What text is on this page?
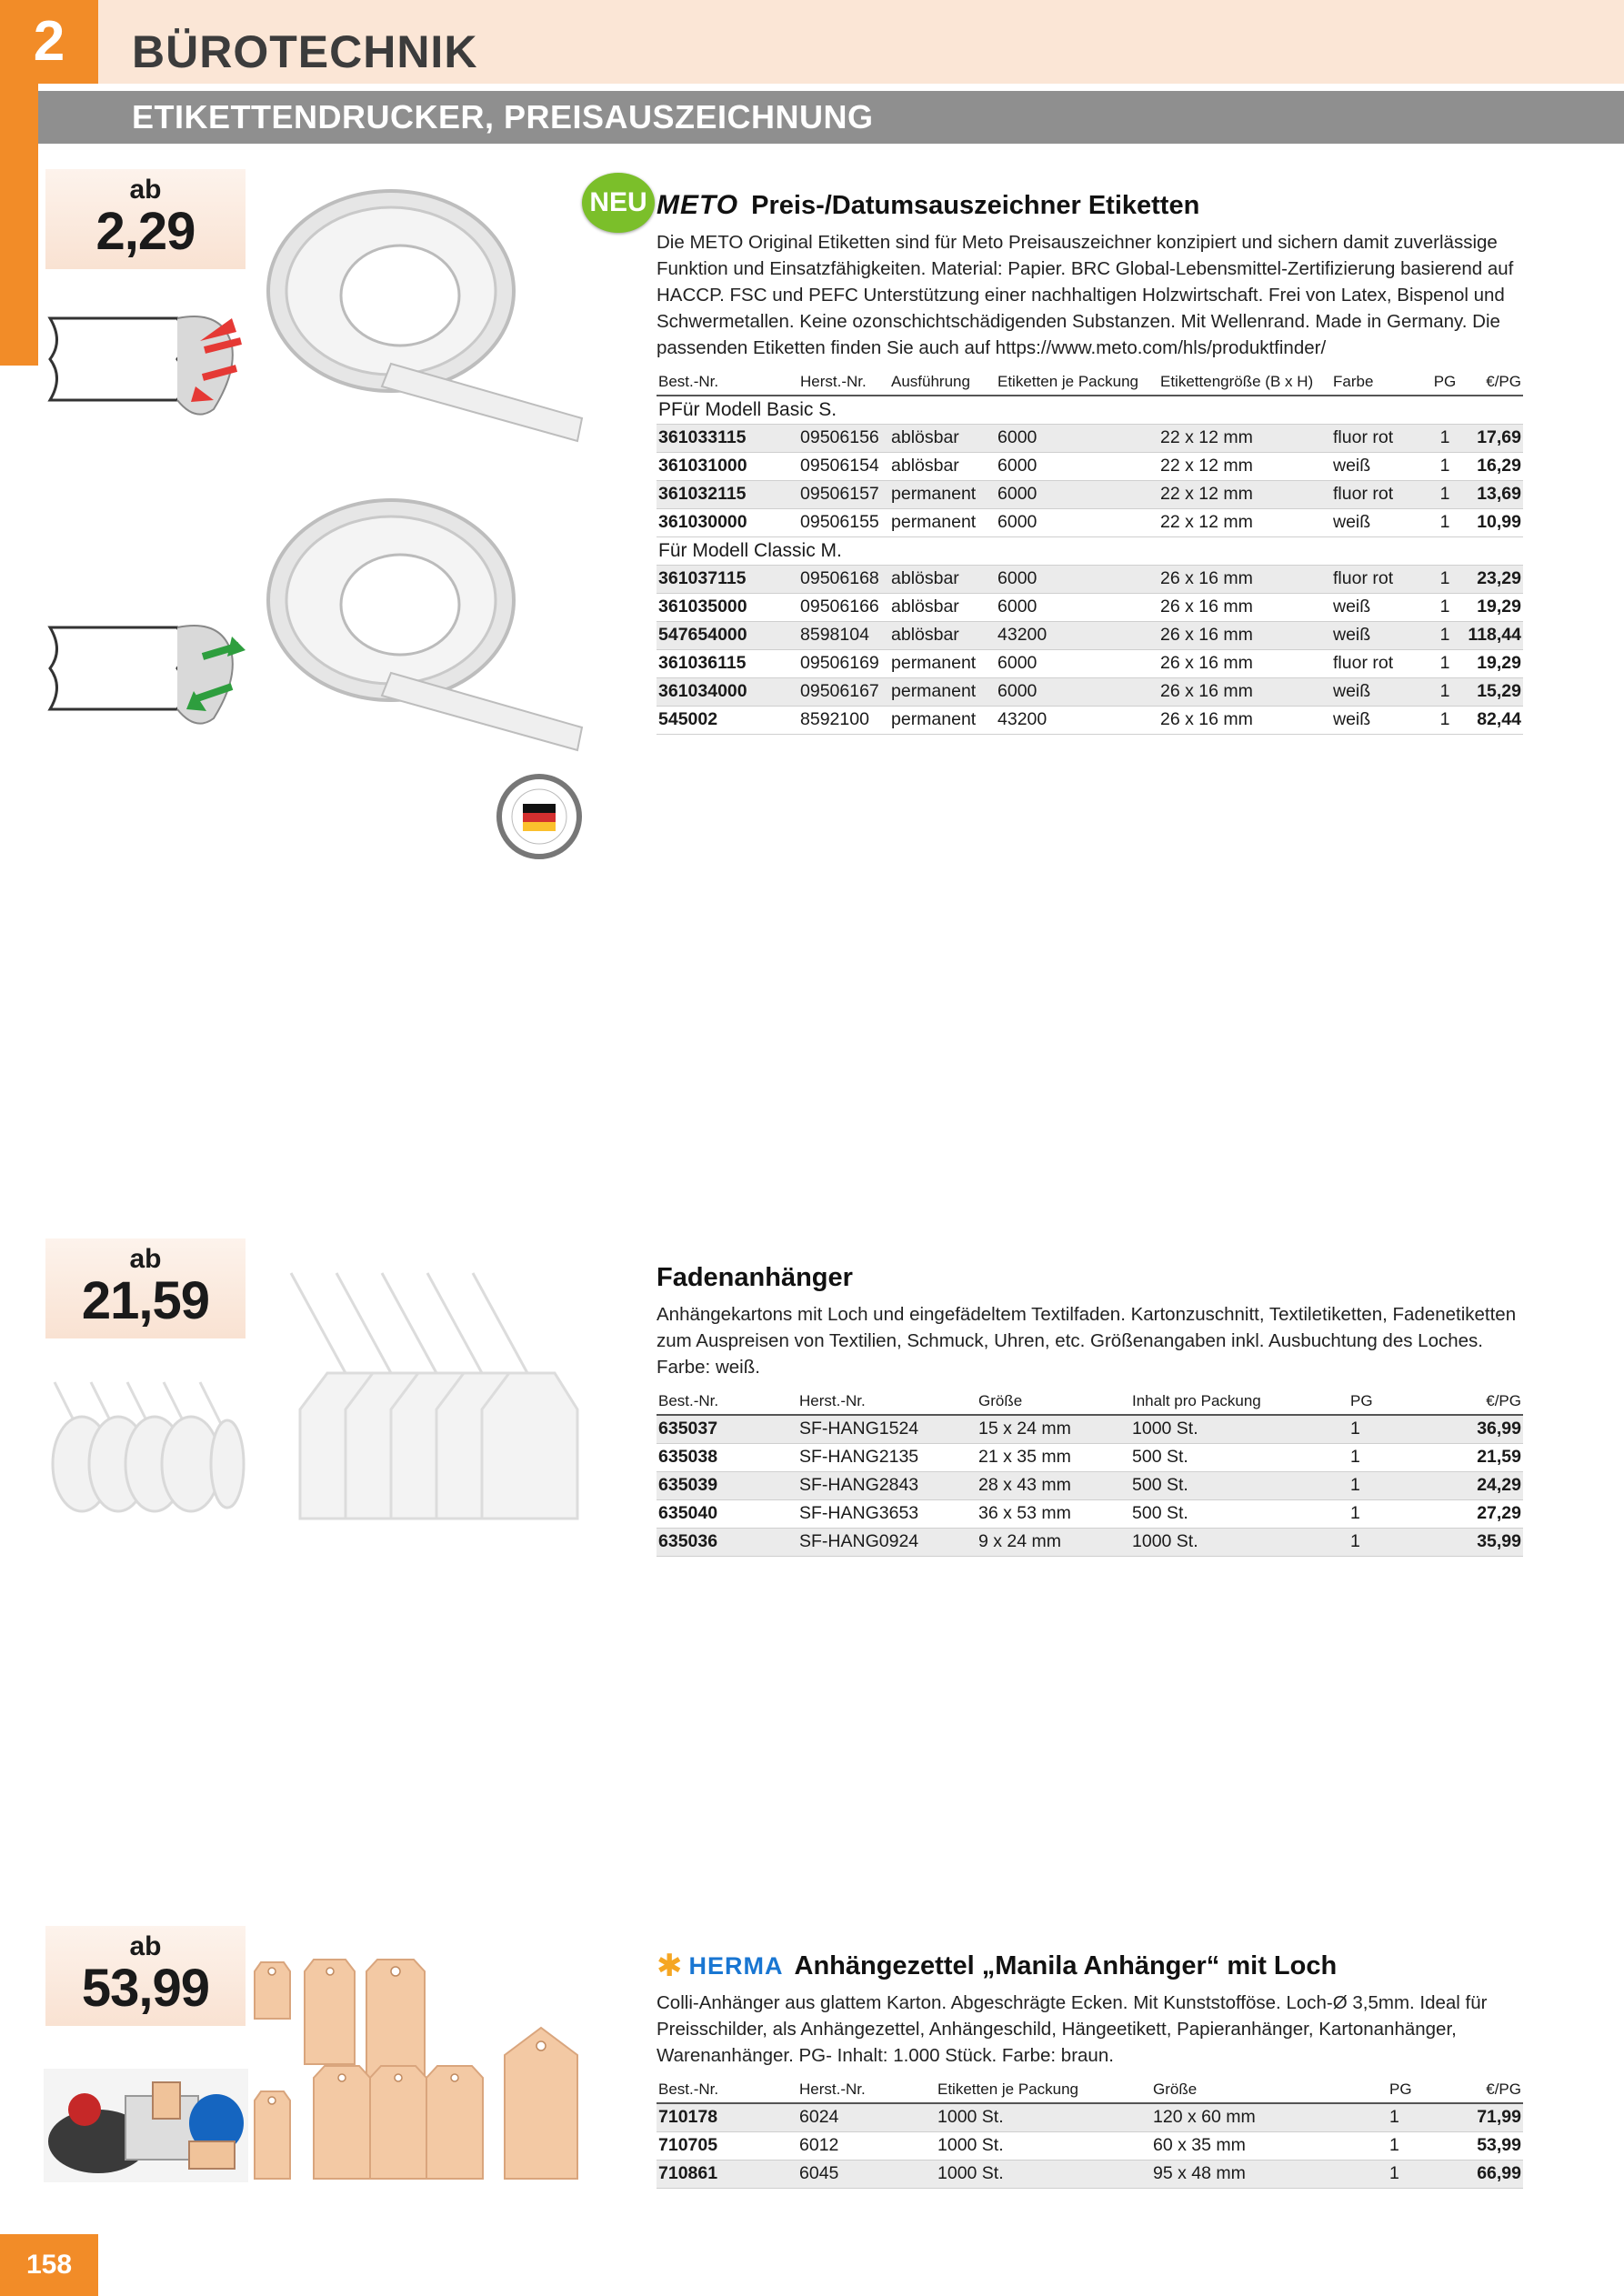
2	BÜROTECHNIK
ETIKETTENDRUCKER, PREISAUSZEICHNUNG
ab
2,29	NEU METO Preis-/Datumsauszeichner Etiketten
Die METO Original Etiketten sind für Meto Preisauszeichner konzipiert und sichern damit zuverlässige Funktion und Einsatzfähigkeiten. Material: Papier. BRC Global-Lebensmittel-Zertifizierung basierend auf HACCP. FSC und PEFC Unterstützung einer nachhaltigen Holzwirtschaft. Frei von Latex, Bispenol und Schwermetallen. Keine ozonschichtschädigenden Substanzen. Mit Wellenrand. Made in Germany. Die passenden Etiketten finden Sie auch auf https://www.meto.com/hls/produktfinder/
Best.-Nr.	Herst.-Nr.	Ausführung	Etiketten je Packung	Etikettengröße (B x H)	Farbe	PG	€/PG
PFür Modell Basic S.							
361033115	09506156	ablösbar	6000	22 x 12 mm	fluor rot	1	17,69
361031000	09506154	ablösbar	6000	22 x 12 mm	weiß	1	16,29
361032115	09506157	permanent	6000	22 x 12 mm	fluor rot	1	13,69
361030000	09506155	permanent	6000	22 x 12 mm	weiß	1	10,99
Für Modell Classic M.							
361037115	09506168	ablösbar	6000	26 x 16 mm	fluor rot	1	23,29
361035000	09506166	ablösbar	6000	26 x 16 mm	weiß	1	19,29
547654000	8598104	ablösbar	43200	26 x 16 mm	weiß	1	118,44
361036115	09506169	permanent	6000	26 x 16 mm	fluor rot	1	19,29
361034000	09506167	permanent	6000	26 x 16 mm	weiß	1	15,29
545002	8592100	permanent	43200	26 x 16 mm	weiß	1	82,44
ab
21,59	Fadenanhänger
Anhängekartons mit Loch und eingefädeltem Textilfaden. Kartonzuschnitt, Textiletiketten, Fadenetiketten zum Auspreisen von Textilien, Schmuck, Uhren, etc. Größenangaben inkl. Ausbuchtung des Loches. Farbe: weiß.
Best.-Nr.	Herst.-Nr.	Größe	Inhalt pro Packung	PG	€/PG
635037	SF-HANG1524	15 x 24 mm	1000 St.	1	36,99
635038	SF-HANG2135	21 x 35 mm	500 St.	1	21,59
635039	SF-HANG2843	28 x 43 mm	500 St.	1	24,29
635040	SF-HANG3653	36 x 53 mm	500 St.	1	27,29
635036	SF-HANG0924	9 x 24 mm	1000 St.	1	35,99
ab
53,99	✱ HERMA Anhängezettel „Manila Anhänger“ mit Loch
Colli-Anhänger aus glattem Karton. Abgeschrägte Ecken. Mit Kunststofföse. Loch-Ø 3,5mm. Ideal für Preisschilder, als Anhängezettel, Anhängeschild, Hängeetikett, Papieranhänger, Kartonanhänger, Warenanhänger. PG- Inhalt: 1.000 Stück. Farbe: braun.
Best.-Nr.	Herst.-Nr.	Etiketten je Packung	Größe	PG	€/PG
710178	6024	1000 St.	120 x 60 mm	1	71,99
710705	6012	1000 St.	60 x 35 mm	1	53,99
710861	6045	1000 St.	95 x 48 mm	1	66,99
158
